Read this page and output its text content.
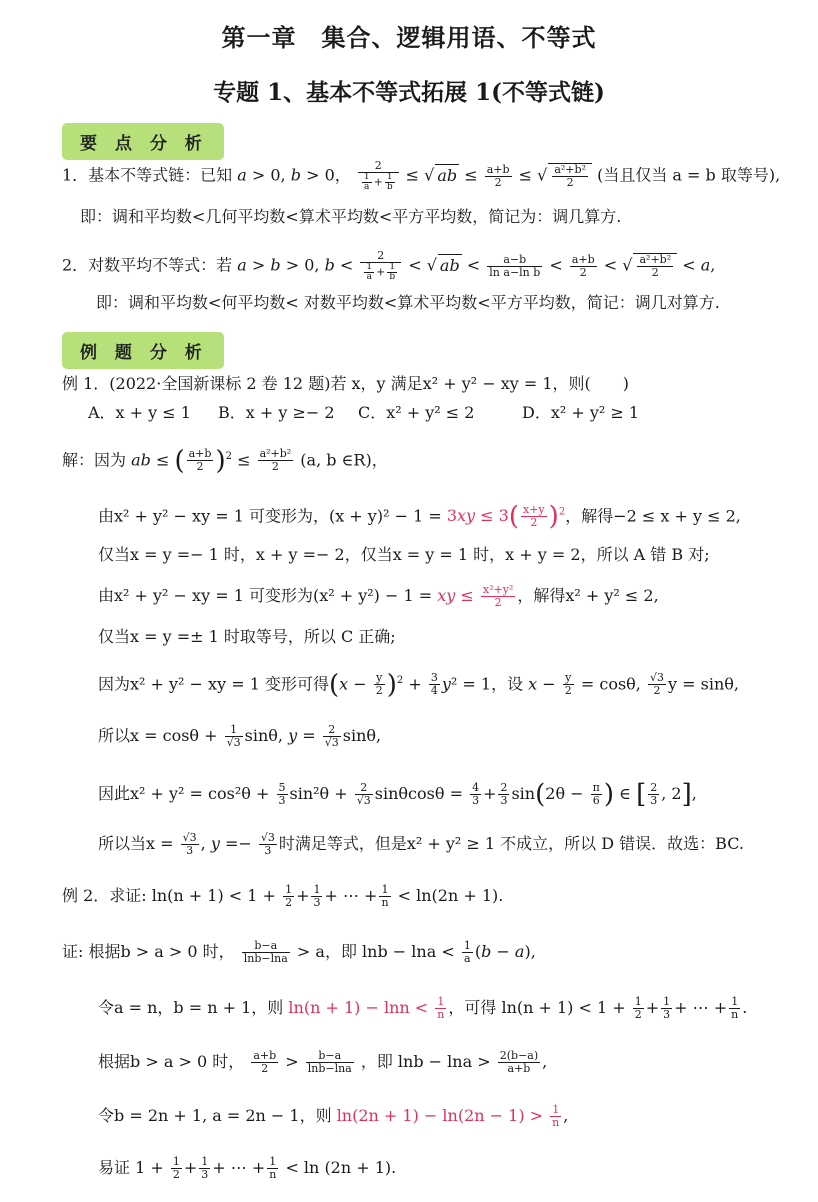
第一章　集合、逻辑用语、不等式
专题 1、基本不等式拓展 1(不等式链)
要 点 分 析
1．基本不等式链：已知 a > 0, b > 0， $\frac{2}{\frac{1}{a} + \frac{1}{b}}$ ≤ √ ab ≤ $\frac{a+b}{2}$ ≤ √ $\frac{\text{a²+b²}}{2}$ (当且仅当 a = b 取等号),
即：调和平均数<几何平均数<算术平均数<平方平均数，简记为：调几算方.
2．对数平均不等式：若 a > b > 0, $b < \frac{2}{\frac{1}{a} + \frac{1}{b}}$ < √ ab < $\frac{a-b}{\text{ln a−ln b}} < \frac{a+b}{2}$ < √ $\frac{\text{a²+b²}}{2} < a$,
即：调和平均数<何平均数< 对数平均数<算术平均数<平方平均数，简记：调几对算方.
例 题 分 析
例 1．(2022·全国新课标 2 卷 12 题)若 x，y 满足x² + y² − xy = 1，则(　　)
A．x + y ≤ 1 B．x + y ≥− 2 C．x² + y² ≤ 2	D．x² + y² ≥ 1
解：因为 ab ≤ ( $\frac{a+b}{2} )^2 \le \frac{\text{a²+b²}}{2} (a$, b ∈R)，
由x² + y² − xy = 1 可变形为，$(x + y)^2 - 1 = 3xy \le 3( \frac{x+y}{2} )^2$，解得−2 ≤ x + y ≤ 2,
仅当x = y =− 1 时，x + y =− 2，仅当x = y = 1 时，x + y = 2，所以 A 错 B 对;
由x² + y² − xy = 1 可变形为(x² + y²) − 1 = xy ≤ $\frac{\text{x²+y²}}{2}$ ，解得x² + y² ≤ 2,
仅当x = y =± 1 时取等号，所以 C 正确;
因为x² + y² − xy = 1 变形可得$(x - \frac{y}{2} )^2 + \frac{3}{4} y^2 = 1$，设 $x - \frac{y}{2} = \cos\theta$, $\frac{√3}{2}$ y = sinθ,
所以$x = \cos\theta + \frac{1}{√3} \sin\theta$, $y = \frac{2}{√3} \sin\theta$,
因此$x^2 + y^2 = \cos^2\theta + \frac{5}{3} \sin^2\theta + \frac{2}{√3}$ $\sin\theta\cos\theta = \frac{4}{3} + \frac{2}{3} \sin(2\theta - \frac{\pi}{6}$ ) ∈ [ $\frac{2}{3}$ , 2],
所以当$x = \frac{√3}{3}$ , $y =- \frac{√3}{3}$ 时满足等式，但是x² + y² ≥ 1 不成立，所以 D 错误．故选：BC.
例 2．求证: $\ln(n + 1) < 1 + \frac{1}{2} + \frac{1}{3}$ + ⋯ + $\frac{1}{n} < \ln(2n + 1)$.
证: 根据b > a > 0 时， $\frac{b-a}{\ln b-\ln a} > a$，即 $\ln b - \ln a < \frac{1}{a} (b - a)$,
令a = n，b = n + 1，则 $\ln(n + 1) - \ln n < \frac{1}{n}$ ，可得 $\ln(n + 1) < 1 + \frac{1}{2} + \frac{1}{3}$ + ⋯ + $\frac{1}{n}$ .
根据b > a > 0 时， $\frac{a+b}{2} > \frac{b-a}{\ln b-\ln a}$ ，即 $\ln b - \ln a > \frac{2(b-a)}{a+b}$ ,
令b = 2n + 1, a = 2n − 1，则 $\ln(2n + 1) - \ln(2n - 1) > \frac{1}{n}$ ,
易证 $1 + \frac{1}{2} + \frac{1}{3}$ + ⋯ + $\frac{1}{n} < \ln (2n + 1)$.
